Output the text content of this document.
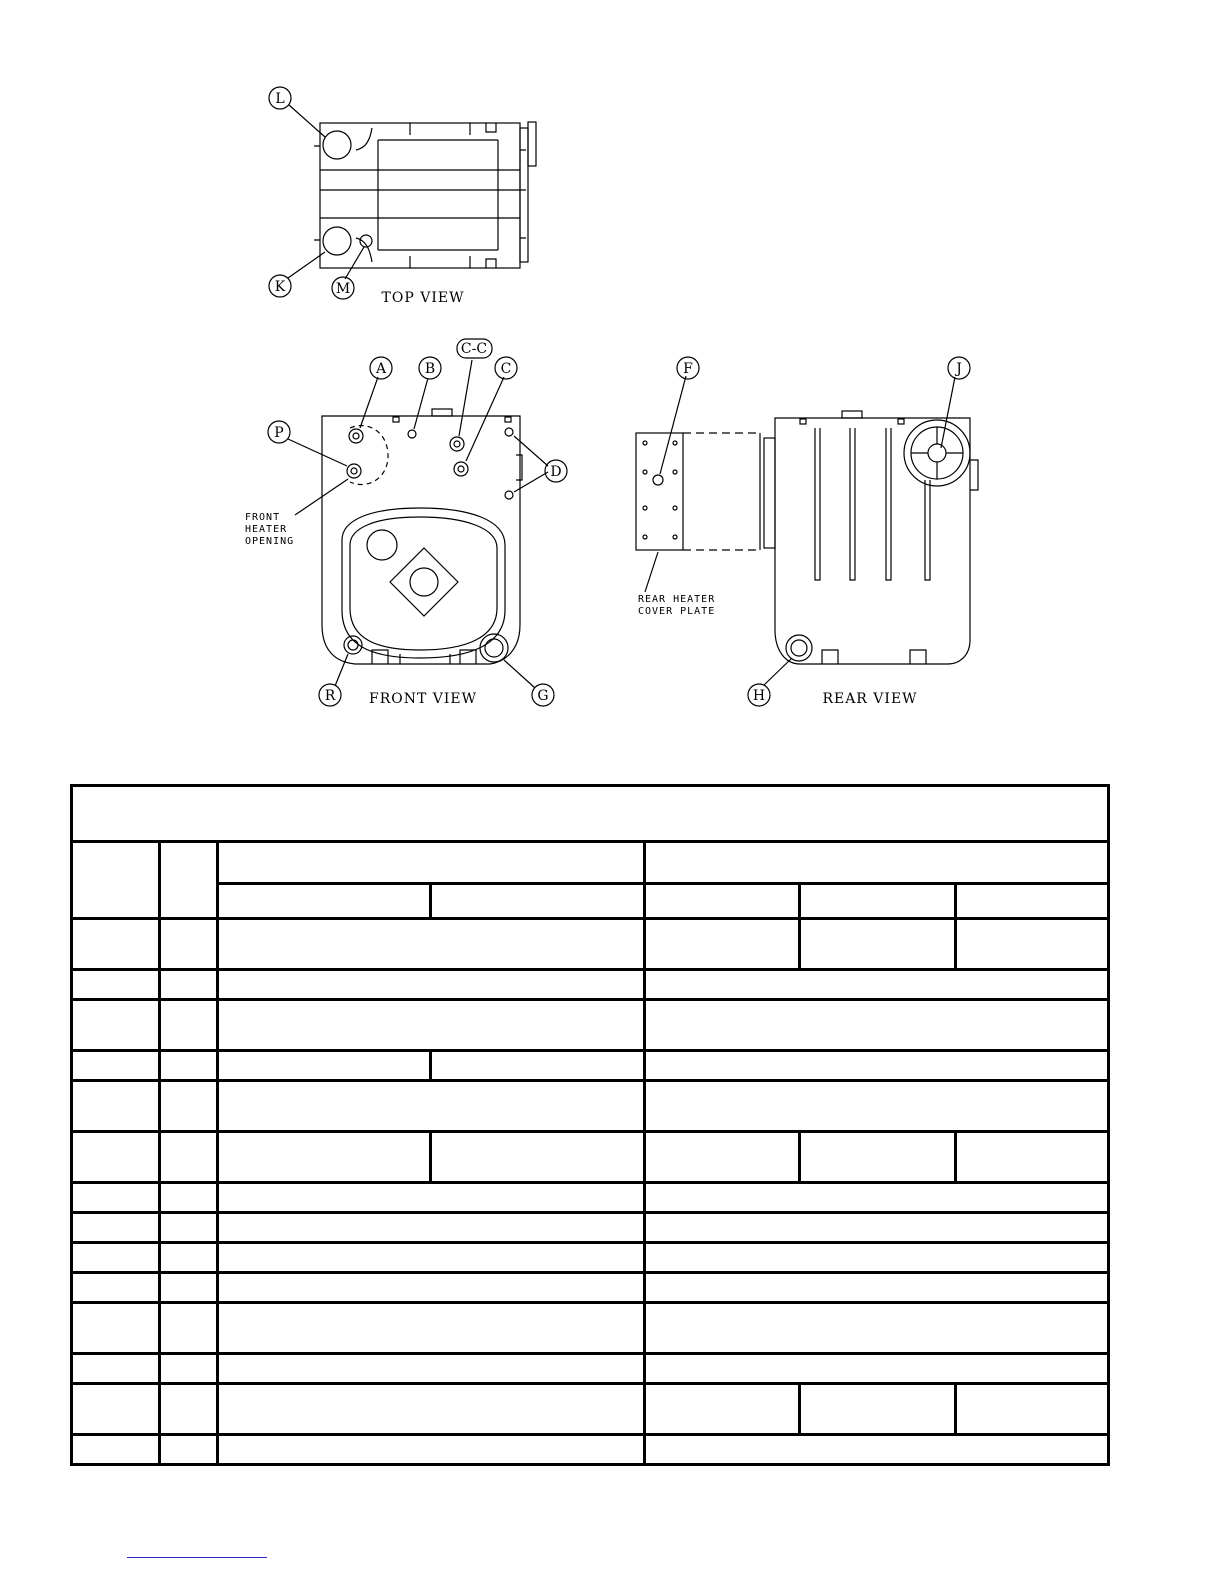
L
K	M
TOP VIEW
A	B
C-C
C
P
D
R	G
FRONT VIEW
F	J
H	REAR VIEW
FRONT
HEATER
OPENING
REAR HEATER
COVER PLATE
